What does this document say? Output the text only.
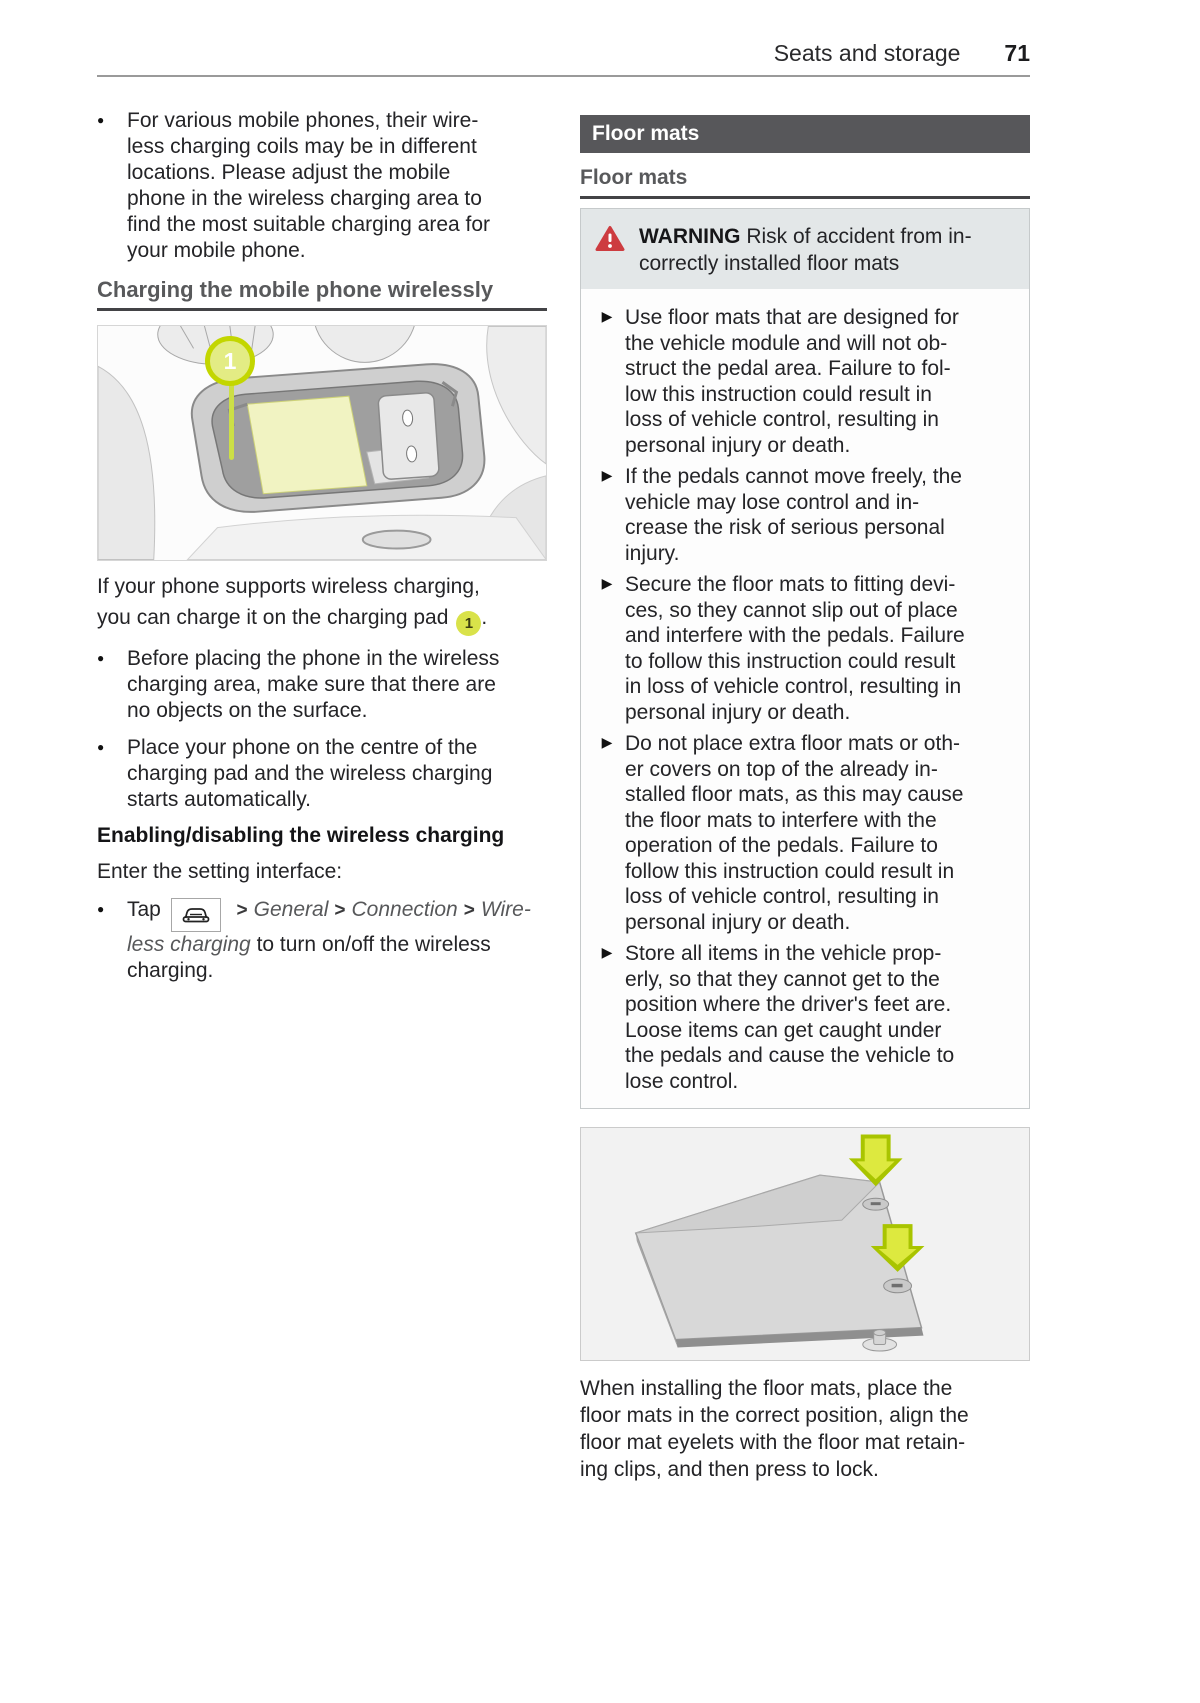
Seats and storage 71
●	For various mobile phones, their wire-
less charging coils may be in different
locations. Please adjust the mobile
phone in the wireless charging area to
find the most suitable charging area for
your mobile phone.
Charging the mobile phone wirelessly
1
If your phone supports wireless charging,
you can charge it on the charging pad 1 .
●	Before placing the phone in the wireless
charging area, make sure that there are
no objects on the surface.
●	Place your phone on the centre of the
charging pad and the wireless charging
starts automatically.
Enabling/disabling the wireless charging
Enter the setting interface:
●	Tap	> General > Connection > Wire-
less charging to turn on/off the wireless
charging.
Floor mats
Floor mats
WARNING Risk of accident from in-
correctly installed floor mats
▶ Use floor mats that are designed for
the vehicle module and will not ob-
struct the pedal area. Failure to fol-
low this instruction could result in
loss of vehicle control, resulting in
personal injury or death.
▶ If the pedals cannot move freely, the
vehicle may lose control and in-
crease the risk of serious personal
injury.
▶ Secure the floor mats to fitting devi-
ces, so they cannot slip out of place
and interfere with the pedals. Failure
to follow this instruction could result
in loss of vehicle control, resulting in
personal injury or death.
▶ Do not place extra floor mats or oth-
er covers on top of the already in-
stalled floor mats, as this may cause
the floor mats to interfere with the
operation of the pedals. Failure to
follow this instruction could result in
loss of vehicle control, resulting in
personal injury or death.
▶ Store all items in the vehicle prop-
erly, so that they cannot get to the
position where the driver's feet are.
Loose items can get caught under
the pedals and cause the vehicle to
lose control.
When installing the floor mats, place the
floor mats in the correct position, align the
floor mat eyelets with the floor mat retain-
ing clips, and then press to lock.
